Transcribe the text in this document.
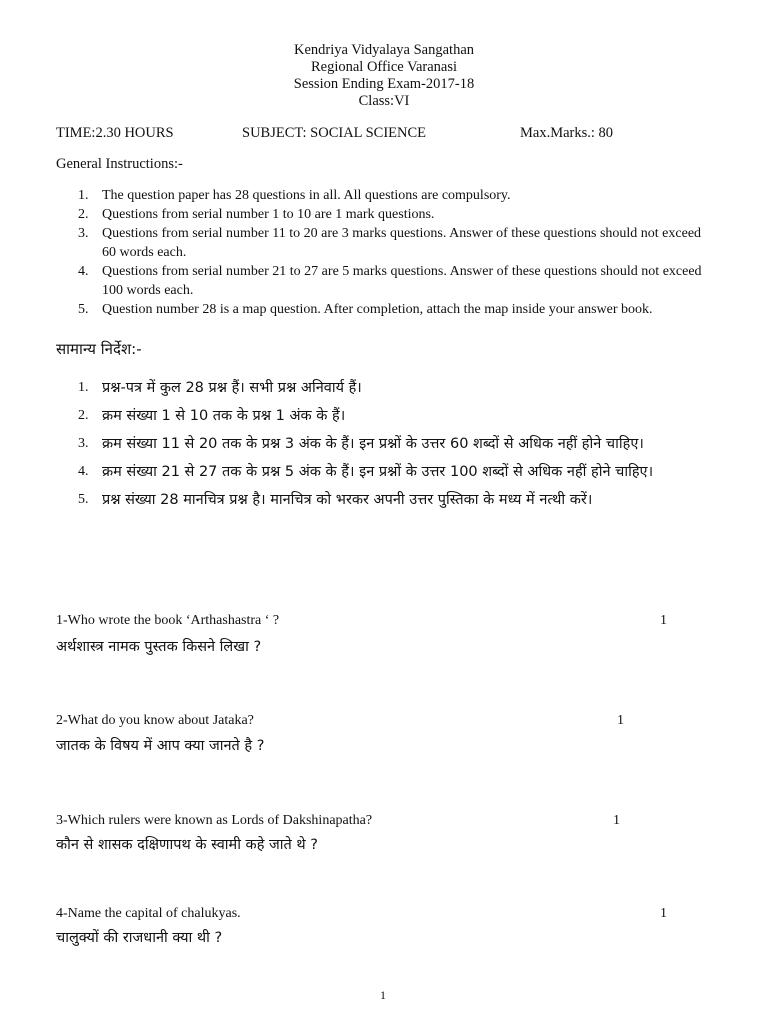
Kendriya Vidyalaya Sangathan
Regional Office Varanasi
Session Ending Exam-2017-18
Class:VI
TIME:2.30 HOURS	SUBJECT: SOCIAL SCIENCE	Max.Marks.: 80
General Instructions:-
1. The question paper has 28 questions in all. All questions are compulsory.
2. Questions from serial number 1 to 10 are 1 mark questions.
3. Questions from serial number 11 to 20 are 3 marks questions. Answer of these questions should not exceed 60 words each.
4. Questions from serial number 21 to 27 are 5 marks questions. Answer of these questions should not exceed 100 words each.
5. Question number 28 is a map question. After completion, attach the map inside your answer book.
सामान्य निर्देश:-
1. प्रश्न-पत्र में कुल 28 प्रश्न हैं। सभी प्रश्न अनिवार्य हैं।
2. क्रम संख्या 1 से 10 तक के प्रश्न 1 अंक के हैं।
3. क्रम संख्या 11 से 20 तक के प्रश्न 3 अंक के हैं। इन प्रश्नों के उत्तर 60 शब्दों से अधिक नहीं होने चाहिए।
4. क्रम संख्या 21 से 27 तक के प्रश्न 5 अंक के हैं। इन प्रश्नों के उत्तर 100 शब्दों से अधिक नहीं होने चाहिए।
5. प्रश्न संख्या 28 मानचित्र प्रश्न है। मानचित्र को भरकर अपनी उत्तर पुस्तिका के मध्य में नत्थी करें।
1-Who wrote the book ‘Arthashastra ‘ ?	1
अर्थशास्त्र नामक पुस्तक किसने लिखा ?
2-What do you know about Jataka?	1
जातक के विषय में आप क्या जानते है ?
3-Which rulers were known as Lords of Dakshinapatha?	1
कौन से शासक दक्षिणापथ के स्वामी कहे जाते थे ?
4-Name the capital of chalukyas.	1
चालुक्यों की राजधानी क्या थी ?
1
